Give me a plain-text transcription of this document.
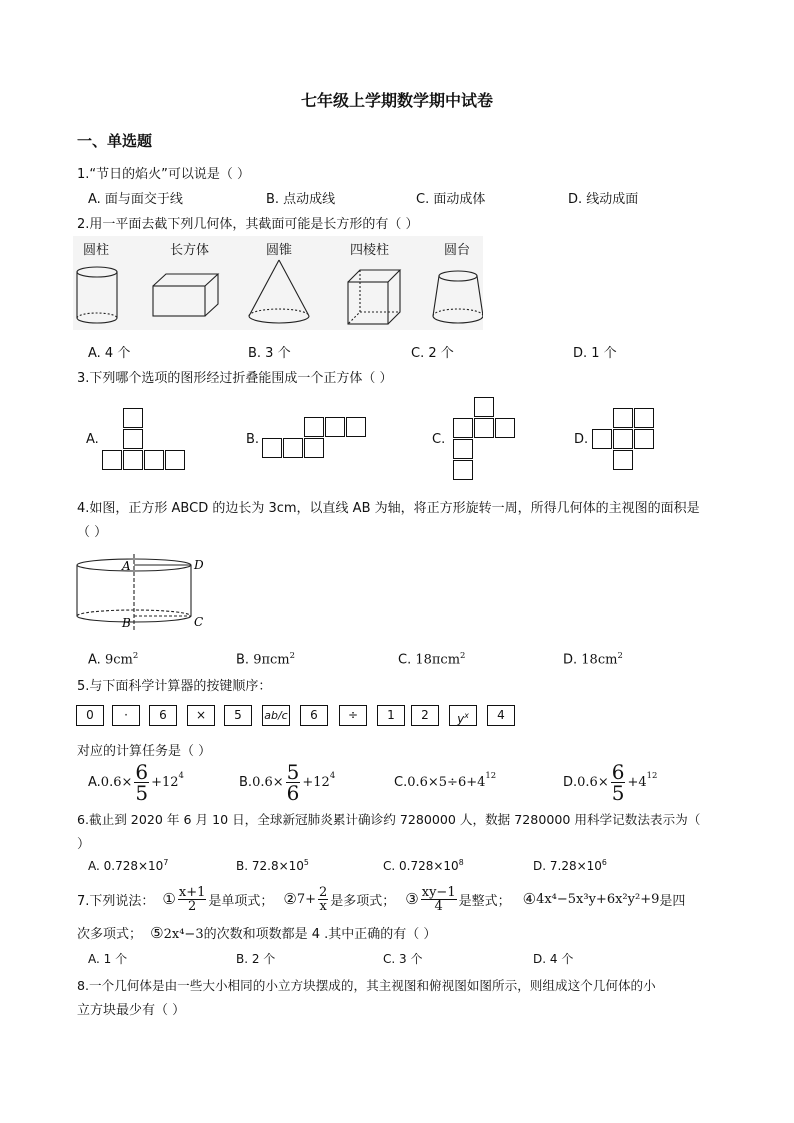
七年级上学期数学期中试卷
一、单选题
1.“节日的焰火”可以说是（ ）
A. 面与面交于线	B. 点动成线	C. 面动成体	D. 线动成面
2.用一平面去截下列几何体，其截面可能是长方形的有（ ）
圆柱	长方体	圆锥	四棱柱	圆台
A. 4 个	B. 3 个	C. 2 个	D. 1 个
3.下列哪个选项的图形经过折叠能围成一个正方体（ ）
A.	B.	C.	D.
4.如图，正方形 ABCD 的边长为 3cm，以直线 AB 为轴，将正方形旋转一周，所得几何体的主视图的面积是
（ ）
A	D
B	C
A. $9cm^2$	B. 9πcm$^2$	C. 18πcm$^2$	D. $18cm^2$
5.与下面科学计算器的按键顺序：
0	·	6	×	5	ab/c	6	÷	1	2	$y^x$	4
对应的计算任务是（ ）
A. $0.6\times \frac{6}{5} +12^4$	B. $0.6\times \frac{5}{6} +12^4$	C. $0.6\times 5\div 6+4^{12}$	D. $0.6\times \frac{6}{5} +4^{12}$
6.截止到 2020 年 6 月 10 日，全球新冠肺炎累计确诊约 7280000 人，数据 7280000 用科学记数法表示为（
）
A. $0.728\times 10^7$	B. $72.8\times 10^5$	C. $0.728\times 10^8$	D. $7.28\times 10^6$
7.下列说法： ① $\frac{x+1}{2}$ 是单项式； ② $7+ \frac{2}{x}$ 是多项式； ③ $\frac{xy-1}{4}$ 是整式； ④ 4x⁴−5x³y+6x²y²+9 是四
次多项式； ⑤2x⁴−3的次数和项数都是 4 .其中正确的有（ ）
A. 1 个	B. 2 个	C. 3 个	D. 4 个
8.一个几何体是由一些大小相同的小立方块摆成的，其主视图和俯视图如图所示，则组成这个几何体的小
立方块最少有（ ）
